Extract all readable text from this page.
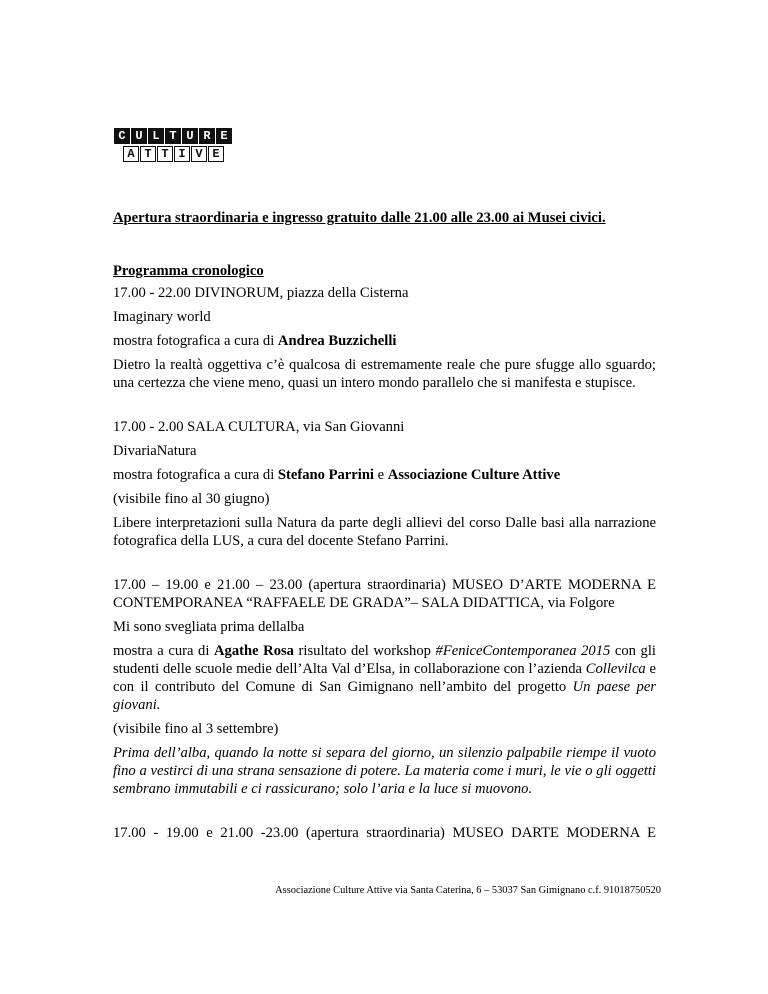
C U L T U R E
A T T I V E

Apertura straordinaria e ingresso gratuito dalle 21.00 alle 23.00 ai Musei civici.

Programma cronologico

17.00 - 22.00 DIVINORUM, piazza della Cisterna

Imaginary world

mostra fotografica a cura di Andrea Buzzichelli

Dietro la realtà oggettiva c’è qualcosa di estremamente reale che pure sfugge allo sguardo; una certezza che viene meno, quasi un intero mondo parallelo che si manifesta e stupisce.

17.00 - 2.00 SALA CULTURA, via San Giovanni

DivariaNatura

mostra fotografica a cura di Stefano Parrini e Associazione Culture Attive

(visibile fino al 30 giugno)

Libere interpretazioni sulla Natura da parte degli allievi del corso Dalle basi alla narrazione fotografica della LUS, a cura del docente Stefano Parrini.

17.00 – 19.00 e 21.00 – 23.00 (apertura straordinaria) MUSEO D’ARTE MODERNA E CONTEMPORANEA “RAFFAELE DE GRADA”– SALA DIDATTICA, via Folgore

Mi sono svegliata prima dellalba

mostra a cura di Agathe Rosa risultato del workshop #FeniceContemporanea 2015 con gli studenti delle scuole medie dell’Alta Val d’Elsa, in collaborazione con l’azienda Collevilca e con il contributo del Comune di San Gimignano nell’ambito del progetto Un paese per giovani.

(visibile fino al 3 settembre)

Prima dell’alba, quando la notte si separa del giorno, un silenzio palpabile riempe il vuoto fino a vestirci di una strana sensazione di potere. La materia come i muri, le vie o gli oggetti sembrano immutabili e ci rassicurano; solo l’aria e la luce si muovono.

17.00 - 19.00 e 21.00 -23.00 (apertura straordinaria) MUSEO DARTE MODERNA E

Associazione Culture Attive via Santa Caterina, 6 – 53037 San Gimignano c.f. 91018750520
